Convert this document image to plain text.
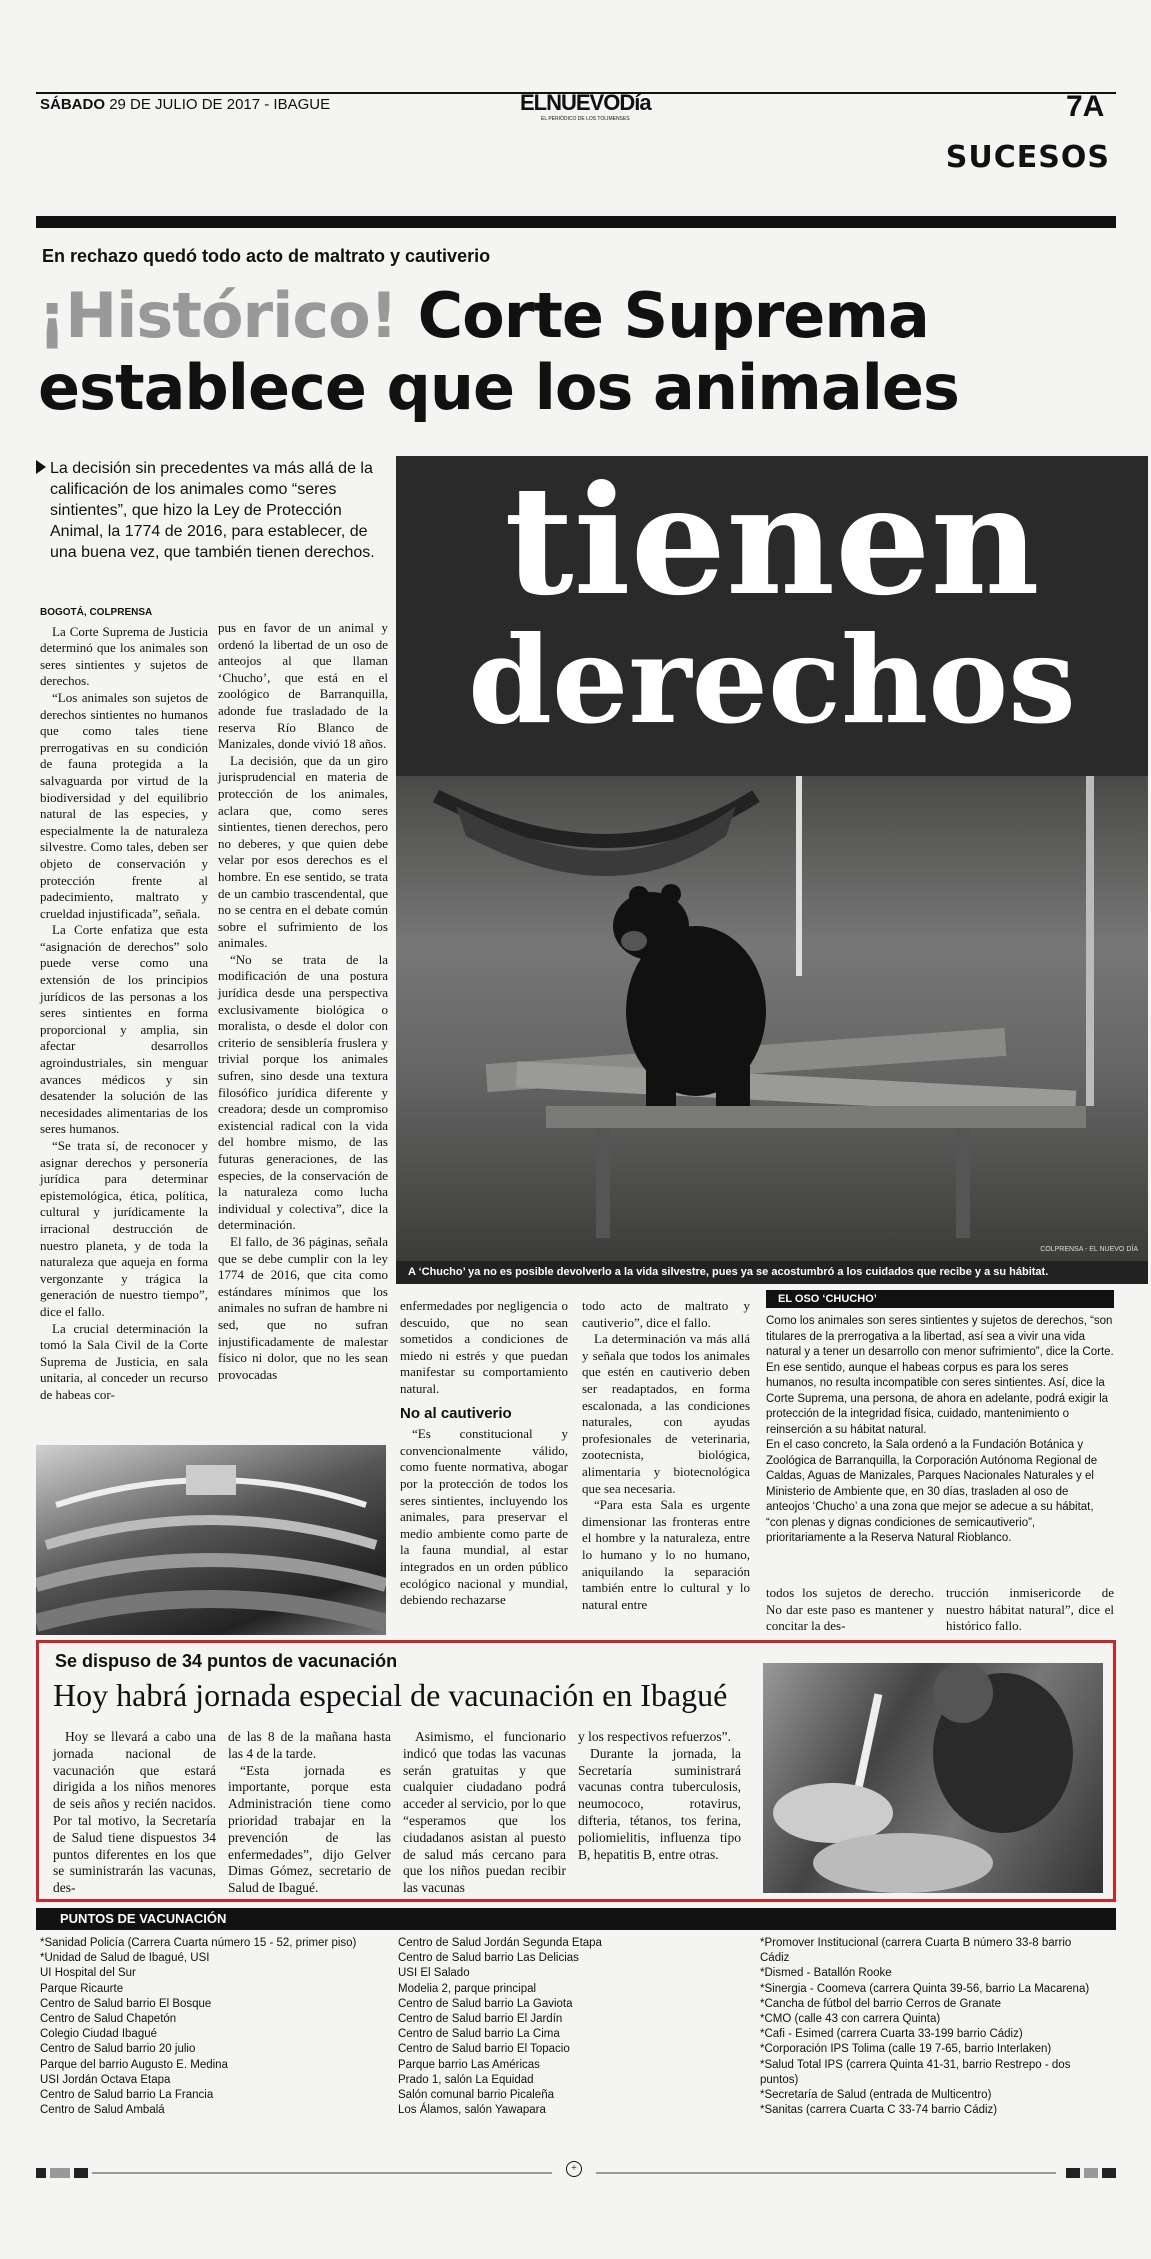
SÁBADO 29 DE JULIO DE 2017 - IBAGUE	ELNUEVODía
EL PERIÓDICO DE LOS TOLIMENSES	7A
SUCESOS
En rechazo quedó todo acto de maltrato y cautiverio
¡Histórico! Corte Suprema establece que los animales
tienen
derechos
COLPRENSA - EL NUEVO DÍA
A ‘Chucho’ ya no es posible devolverlo a la vida silvestre, pues ya se acostumbró a los cuidados que recibe y a su hábitat.
La decisión sin precedentes va más allá de la calificación de los animales como “seres sintientes”, que hizo la Ley de Protección Animal, la 1774 de 2016, para establecer, de una buena vez, que también tienen derechos.
BOGOTÁ, COLPRENSA

La Corte Suprema de Justicia determinó que los animales son seres sintientes y sujetos de derechos.

“Los animales son sujetos de derechos sintientes no humanos que como tales tiene prerrogativas en su condición de fauna protegida a la salvaguarda por virtud de la biodiversidad y del equilibrio natural de las especies, y especialmente la de naturaleza silvestre. Como tales, deben ser objeto de conservación y protección frente al padecimiento, maltrato y crueldad injustificada”, señala.

La Corte enfatiza que esta “asignación de derechos” solo puede verse como una extensión de los principios jurídicos de las personas a los seres sintientes en forma proporcional y amplia, sin afectar desarrollos agroindustriales, sin menguar avances médicos y sin desatender la solución de las necesidades alimentarias de los seres humanos.

“Se trata sí, de reconocer y asignar derechos y personería jurídica para determinar epistemológica, ética, política, cultural y jurídicamente la irracional destrucción de nuestro planeta, y de toda la naturaleza que aqueja en forma vergonzante y trágica la generación de nuestro tiempo”, dice el fallo.

La crucial determinación la tomó la Sala Civil de la Corte Suprema de Justicia, en sala unitaria, al conceder un recurso de habeas cor-

pus en favor de un animal y ordenó la libertad de un oso de anteojos al que llaman ‘Chucho’, que está en el zoológico de Barranquilla, adonde fue trasladado de la reserva Río Blanco de Manizales, donde vivió 18 años.

La decisión, que da un giro jurisprudencial en materia de protección de los animales, aclara que, como seres sintientes, tienen derechos, pero no deberes, y que quien debe velar por esos derechos es el hombre. En ese sentido, se trata de un cambio trascendental, que no se centra en el debate común sobre el sufrimiento de los animales.

“No se trata de la modificación de una postura jurídica desde una perspectiva exclusivamente biológica o moralista, o desde el dolor con criterio de sensiblería fruslera y trivial porque los animales sufren, sino desde una textura filosófico jurídica diferente y creadora; desde un compromiso existencial radical con la vida del hombre mismo, de las futuras generaciones, de las especies, de la conservación de la naturaleza como lucha individual y colectiva”, dice la determinación.

El fallo, de 36 páginas, señala que se debe cumplir con la ley 1774 de 2016, que cita como estándares mínimos que los animales no sufran de hambre ni sed, que no sufran injustificadamente de malestar físico ni dolor, que no les sean provocadas

enfermedades por negligencia o descuido, que no sean sometidos a condiciones de miedo ni estrés y que puedan manifestar su comportamiento natural.

No al cautiverio

“Es constitucional y convencionalmente válido, como fuente normativa, abogar por la protección de todos los seres sintientes, incluyendo los animales, para preservar el medio ambiente como parte de la fauna mundial, al estar integrados en un orden público ecológico nacional y mundial, debiendo rechazarse

todo acto de maltrato y cautiverio”, dice el fallo.

La determinación va más allá y señala que todos los animales que estén en cautiverio deben ser readaptados, en forma escalonada, a las condiciones naturales, con ayudas profesionales de veterinaria, zootecnista, biológica, alimentaria y biotecnológica que sea necesaria.

“Para esta Sala es urgente dimensionar las fronteras entre el hombre y la naturaleza, entre lo humano y lo no humano, aniquilando la separación también entre lo cultural y lo natural entre

todos los sujetos de derecho. No dar este paso es mantener y concitar la des-

trucción inmisericorde de nuestro hábitat natural”, dice el histórico fallo.

EL OSO ‘CHUCHO’

Como los animales son seres sintientes y sujetos de derechos, “son titulares de la prerrogativa a la libertad, así sea a vivir una vida natural y a tener un desarrollo con menor sufrimiento”, dice la Corte.

En ese sentido, aunque el habeas corpus es para los seres humanos, no resulta incompatible con seres sintientes. Así, dice la Corte Suprema, una persona, de ahora en adelante, podrá exigir la protección de la integridad física, cuidado, mantenimiento o reinserción a su hábitat natural.

En el caso concreto, la Sala ordenó a la Fundación Botánica y Zoológica de Barranquilla, la Corporación Autónoma Regional de Caldas, Aguas de Manizales, Parques Nacionales Naturales y el Ministerio de Ambiente que, en 30 días, trasladen al oso de anteojos ‘Chucho’ a una zona que mejor se adecue a su hábitat, “con plenas y dignas condiciones de semicautiverio”, prioritariamente a la Reserva Natural Rioblanco.

Se dispuso de 34 puntos de vacunación
Hoy habrá jornada especial de vacunación en Ibagué

Hoy se llevará a cabo una jornada nacional de vacunación que estará dirigida a los niños menores de seis años y recién nacidos. Por tal motivo, la Secretaría de Salud tiene dispuestos 34 puntos diferentes en los que se suministrarán las vacunas, des-

de las 8 de la mañana hasta las 4 de la tarde.

“Esta jornada es importante, porque esta Administración tiene como prioridad trabajar en la prevención de las enfermedades”, dijo Gelver Dimas Gómez, secretario de Salud de Ibagué.

Asimismo, el funcionario indicó que todas las vacunas serán gratuitas y que cualquier ciudadano podrá acceder al servicio, por lo que “esperamos que los ciudadanos asistan al puesto de salud más cercano para que los niños puedan recibir las vacunas

y los respectivos refuerzos”.

Durante la jornada, la Secretaría suministrará vacunas contra tuberculosis, neumococo, rotavirus, difteria, tétanos, tos ferina, poliomielitis, influenza tipo B, hepatitis B, entre otras.

PUNTOS DE VACUNACIÓN
*Sanidad Policía (Carrera Cuarta número 15 - 52, primer piso)
*Unidad de Salud de Ibagué, USI
UI Hospital del Sur
Parque Ricaurte
Centro de Salud barrio El Bosque
Centro de Salud Chapetón
Colegio Ciudad Ibagué
Centro de Salud barrio 20 julio
Parque del barrio Augusto E. Medina
USI Jordán Octava Etapa
Centro de Salud barrio La Francia
Centro de Salud Ambalá
Centro de Salud Jordán Segunda Etapa
Centro de Salud barrio Las Delicias
USI El Salado
Modelia 2, parque principal
Centro de Salud barrio La Gaviota
Centro de Salud barrio El Jardín
Centro de Salud barrio La Cima
Centro de Salud barrio El Topacio
Parque barrio Las Américas
Prado 1, salón La Equidad
Salón comunal barrio Picaleña
Los Álamos, salón Yawapara
*Promover Institucional (carrera Cuarta B número 33-8 barrio
Cádiz
*Dismed - Batallón Rooke
*Sinergia - Coomeva (carrera Quinta 39-56, barrio La Macarena)
*Cancha de fútbol del barrio Cerros de Granate
*CMO (calle 43 con carrera Quinta)
*Cafi - Esimed (carrera Cuarta 33-199 barrio Cádiz)
*Corporación IPS Tolima (calle 19 7-65, barrio Interlaken)
*Salud Total IPS (carrera Quinta 41-31, barrio Restrepo - dos
puntos)
*Secretaría de Salud (entrada de Multicentro)
*Sanitas (carrera Cuarta C 33-74 barrio Cádiz)
+
